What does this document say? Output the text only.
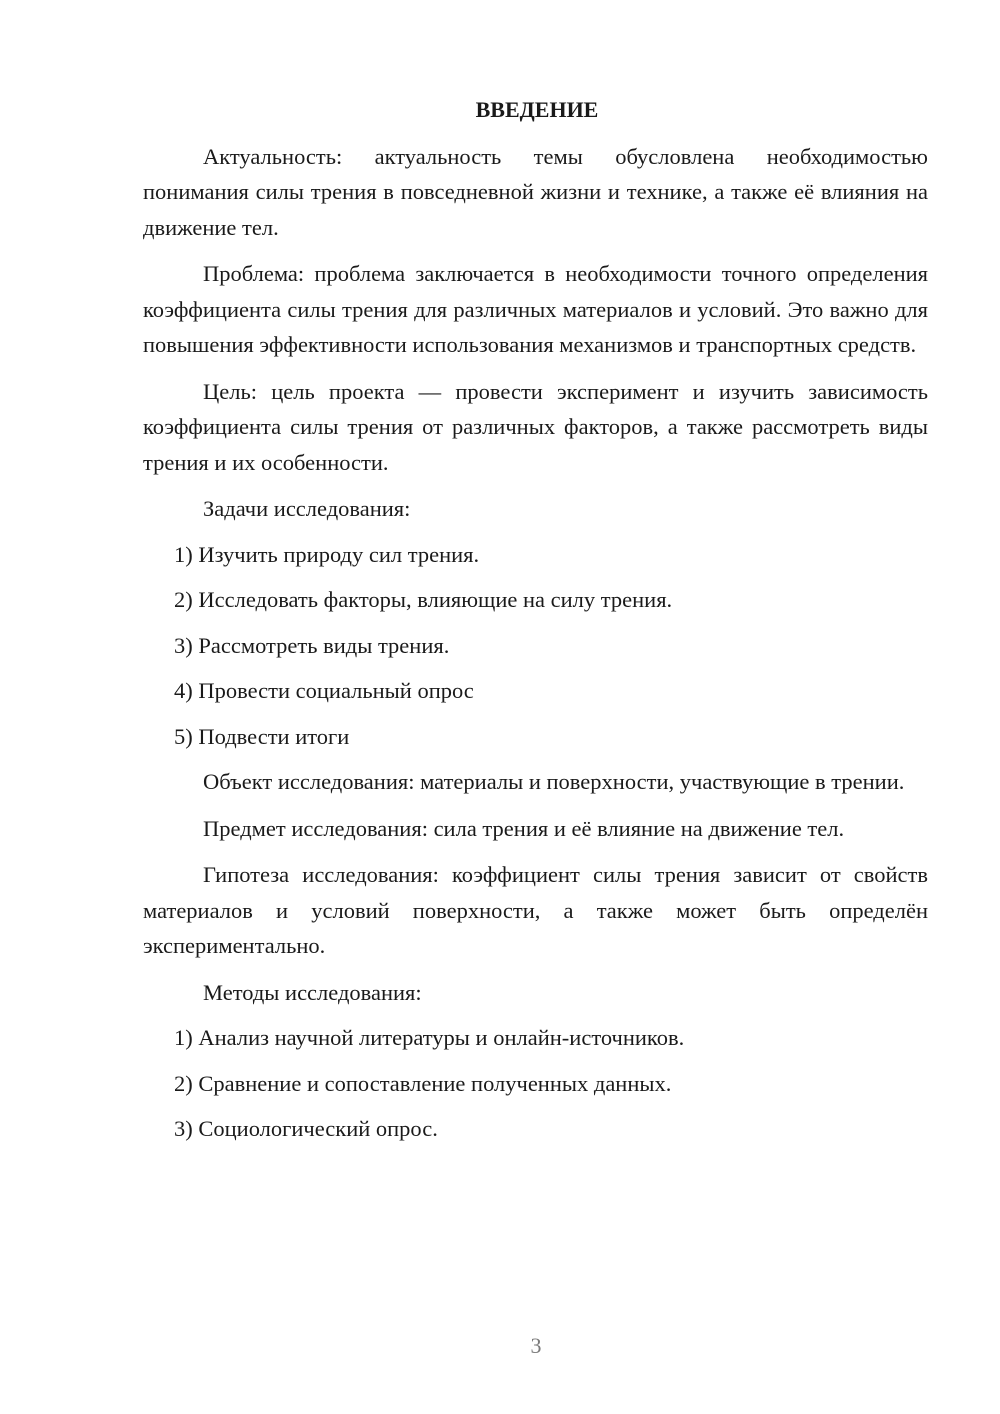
ВВЕДЕНИЕ

Актуальность: актуальность темы обусловлена необходимостью понимания силы трения в повседневной жизни и технике, а также её влияния на движение тел.

Проблема: проблема заключается в необходимости точного определения коэффициента силы трения для различных материалов и условий. Это важно для повышения эффективности использования механизмов и транспортных средств.

Цель: цель проекта — провести эксперимент и изучить зависимость коэффициента силы трения от различных факторов, а также рассмотреть виды трения и их особенности.

Задачи исследования:
1) Изучить природу сил трения.
2) Исследовать факторы, влияющие на силу трения.
3) Рассмотреть виды трения.
4) Провести социальный опрос
5) Подвести итоги

Объект исследования: материалы и поверхности, участвующие в трении.

Предмет исследования: сила трения и её влияние на движение тел.

Гипотеза исследования: коэффициент силы трения зависит от свойств материалов и условий поверхности, а также может быть определён экспериментально.

Методы исследования:
1) Анализ научной литературы и онлайн-источников.
2) Сравнение и сопоставление полученных данных.
3) Социологический опрос.
3
